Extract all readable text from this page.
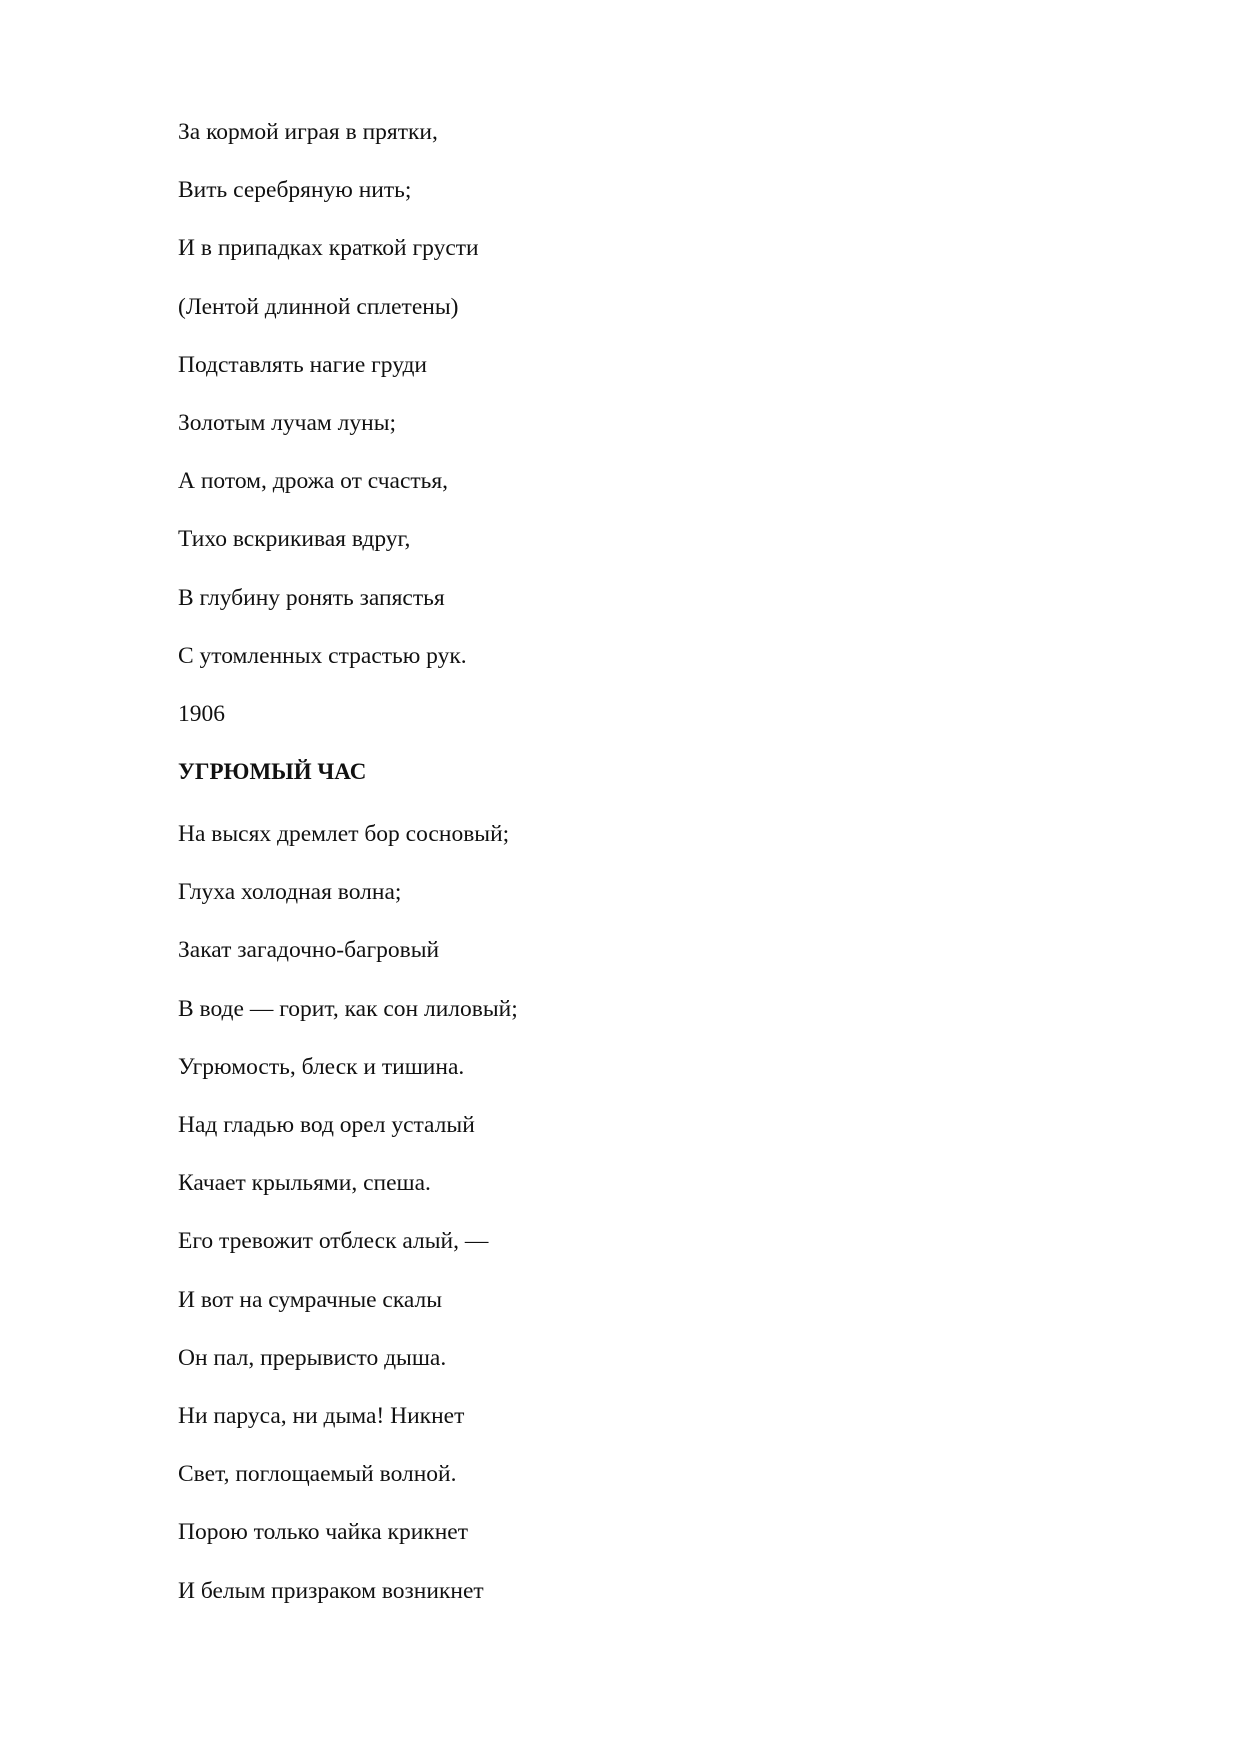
За кормой играя в прятки,
Вить серебряную нить;
И в припадках краткой грусти
(Лентой длинной сплетены)
Подставлять нагие груди
Золотым лучам луны;
А потом, дрожа от счастья,
Тихо вскрикивая вдруг,
В глубину ронять запястья
С утомленных страстью рук.
1906
УГРЮМЫЙ ЧАС
На высях дремлет бор сосновый;
Глуха холодная волна;
Закат загадочно-багровый
В воде — горит, как сон лиловый;
Угрюмость, блеск и тишина.
Над гладью вод орел усталый
Качает крыльями, спеша.
Его тревожит отблеск алый, —
И вот на сумрачные скалы
Он пал, прерывисто дыша.
Ни паруса, ни дыма! Никнет
Свет, поглощаемый волной.
Порою только чайка крикнет
И белым призраком возникнет
